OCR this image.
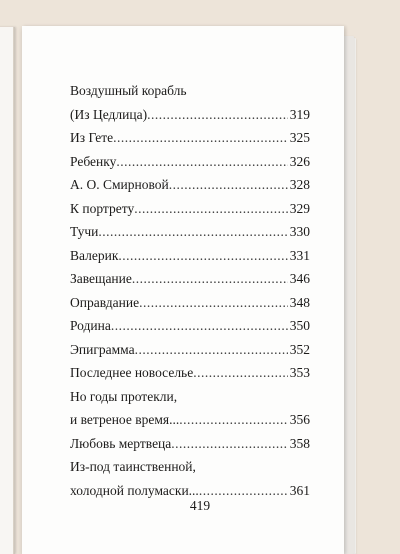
Воздушный корабль
(Из Цедлица) .....	319
Из Гете .....	325
Ребенку .....	326
А. О. Смирновой .....	328
К портрету .....	329
Тучи .....	330
Валерик .....	331
Завещание .....	346
Оправдание .....	348
Родина .....	350
Эпиграмма .....	352
Последнее новоселье .....	353
Но годы протекли,
и ветреное время... .....	356
Любовь мертвеца .....	358
Из-под таинственной,
холодной полумаски... .....	361
419
